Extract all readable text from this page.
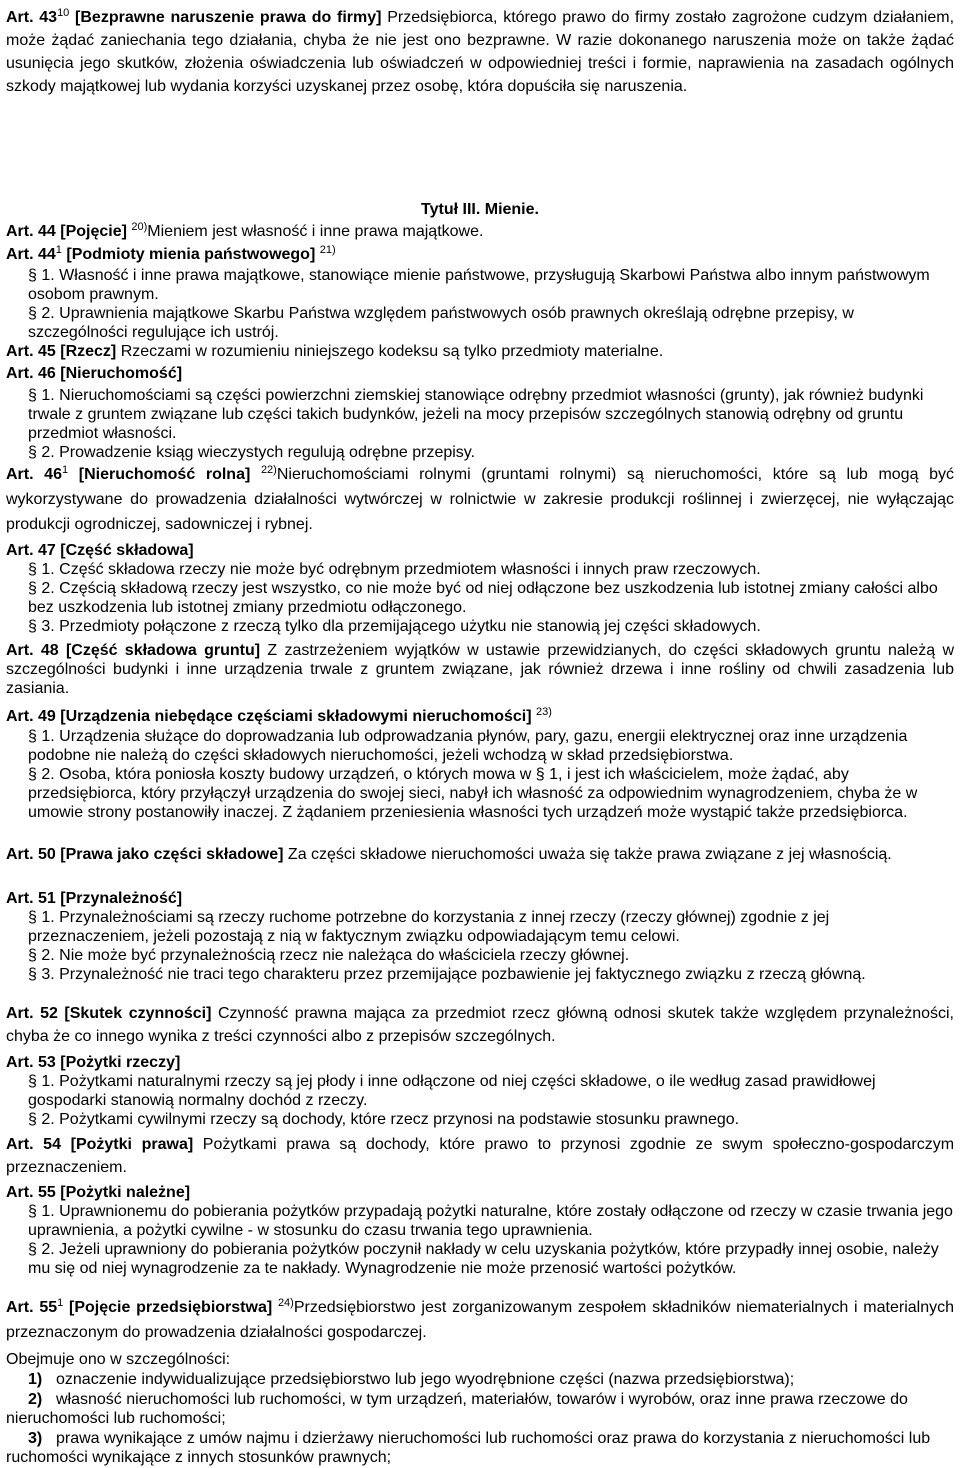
Art. $43^{10}$ [Bezprawne naruszenie prawa do firmy] Przedsiębiorca, którego prawo do firmy zostało zagrożone cudzym działaniem, może żądać zaniechania tego działania, chyba że nie jest ono bezprawne. W razie dokonanego naruszenia może on także żądać usunięcia jego skutków, złożenia oświadczenia lub oświadczeń w odpowiedniej treści i formie, naprawienia na zasadach ogólnych szkody majątkowej lub wydania korzyści uzyskanej przez osobę, która dopuściła się naruszenia.

Tytuł III. Mienie.

Art. 44 [Pojęcie] $^{20)}$Mieniem jest własność i inne prawa majątkowe.

Art. $44^1$ [Podmioty mienia państwowego] $^{21)}$

§ 1. Własność i inne prawa majątkowe, stanowiące mienie państwowe, przysługują Skarbowi Państwa albo innym państwowym osobom prawnym.

§ 2. Uprawnienia majątkowe Skarbu Państwa względem państwowych osób prawnych określają odrębne przepisy, w szczególności regulujące ich ustrój.

Art. 45 [Rzecz] Rzeczami w rozumieniu niniejszego kodeksu są tylko przedmioty materialne.

Art. 46 [Nieruchomość]

§ 1. Nieruchomościami są części powierzchni ziemskiej stanowiące odrębny przedmiot własności (grunty), jak również budynki trwale z gruntem związane lub części takich budynków, jeżeli na mocy przepisów szczególnych stanowią odrębny od gruntu przedmiot własności.

§ 2. Prowadzenie ksiąg wieczystych regulują odrębne przepisy.

Art. $46^1$ [Nieruchomość rolna] $^{22)}$Nieruchomościami rolnymi (gruntami rolnymi) są nieruchomości, które są lub mogą być wykorzystywane do prowadzenia działalności wytwórczej w rolnictwie w zakresie produkcji roślinnej i zwierzęcej, nie wyłączając produkcji ogrodniczej, sadowniczej i rybnej.

Art. 47 [Część składowa]

§ 1. Część składowa rzeczy nie może być odrębnym przedmiotem własności i innych praw rzeczowych.

§ 2. Częścią składową rzeczy jest wszystko, co nie może być od niej odłączone bez uszkodzenia lub istotnej zmiany całości albo bez uszkodzenia lub istotnej zmiany przedmiotu odłączonego.

§ 3. Przedmioty połączone z rzeczą tylko dla przemijającego użytku nie stanowią jej części składowych.

Art. 48 [Część składowa gruntu] Z zastrzeżeniem wyjątków w ustawie przewidzianych, do części składowych gruntu należą w szczególności budynki i inne urządzenia trwale z gruntem związane, jak również drzewa i inne rośliny od chwili zasadzenia lub zasiania.

Art. 49 [Urządzenia niebędące częściami składowymi nieruchomości] $^{23)}$

§ 1. Urządzenia służące do doprowadzania lub odprowadzania płynów, pary, gazu, energii elektrycznej oraz inne urządzenia podobne nie należą do części składowych nieruchomości, jeżeli wchodzą w skład przedsiębiorstwa.

§ 2. Osoba, która poniosła koszty budowy urządzeń, o których mowa w § 1, i jest ich właścicielem, może żądać, aby przedsiębiorca, który przyłączył urządzenia do swojej sieci, nabył ich własność za odpowiednim wynagrodzeniem, chyba że w umowie strony postanowiły inaczej. Z żądaniem przeniesienia własności tych urządzeń może wystąpić także przedsiębiorca.

Art. 50 [Prawa jako części składowe] Za części składowe nieruchomości uważa się także prawa związane z jej własnością.

Art. 51 [Przynależność]

§ 1. Przynależnościami są rzeczy ruchome potrzebne do korzystania z innej rzeczy (rzeczy głównej) zgodnie z jej przeznaczeniem, jeżeli pozostają z nią w faktycznym związku odpowiadającym temu celowi.

§ 2. Nie może być przynależnością rzecz nie należąca do właściciela rzeczy głównej.

§ 3. Przynależność nie traci tego charakteru przez przemijające pozbawienie jej faktycznego związku z rzeczą główną.

Art. 52 [Skutek czynności] Czynność prawna mająca za przedmiot rzecz główną odnosi skutek także względem przynależności, chyba że co innego wynika z treści czynności albo z przepisów szczególnych.

Art. 53 [Pożytki rzeczy]

§ 1. Pożytkami naturalnymi rzeczy są jej płody i inne odłączone od niej części składowe, o ile według zasad prawidłowej gospodarki stanowią normalny dochód z rzeczy.

§ 2. Pożytkami cywilnymi rzeczy są dochody, które rzecz przynosi na podstawie stosunku prawnego.

Art. 54 [Pożytki prawa] Pożytkami prawa są dochody, które prawo to przynosi zgodnie ze swym społeczno-gospodarczym przeznaczeniem.

Art. 55 [Pożytki należne]

§ 1. Uprawnionemu do pobierania pożytków przypadają pożytki naturalne, które zostały odłączone od rzeczy w czasie trwania jego uprawnienia, a pożytki cywilne - w stosunku do czasu trwania tego uprawnienia.

§ 2. Jeżeli uprawniony do pobierania pożytków poczynił nakłady w celu uzyskania pożytków, które przypadły innej osobie, należy mu się od niej wynagrodzenie za te nakłady. Wynagrodzenie nie może przenosić wartości pożytków.

Art. $55^1$ [Pojęcie przedsiębiorstwa] $^{24)}$Przedsiębiorstwo jest zorganizowanym zespołem składników niematerialnych i materialnych przeznaczonym do prowadzenia działalności gospodarczej.

Obejmuje ono w szczególności:

1) oznaczenie indywidualizujące przedsiębiorstwo lub jego wyodrębnione części (nazwa przedsiębiorstwa);
2) własność nieruchomości lub ruchomości, w tym urządzeń, materiałów, towarów i wyrobów, oraz inne prawa rzeczowe do nieruchomości lub ruchomości;
3) prawa wynikające z umów najmu i dzierżawy nieruchomości lub ruchomości oraz prawa do korzystania z nieruchomości lub ruchomości wynikające z innych stosunków prawnych;
